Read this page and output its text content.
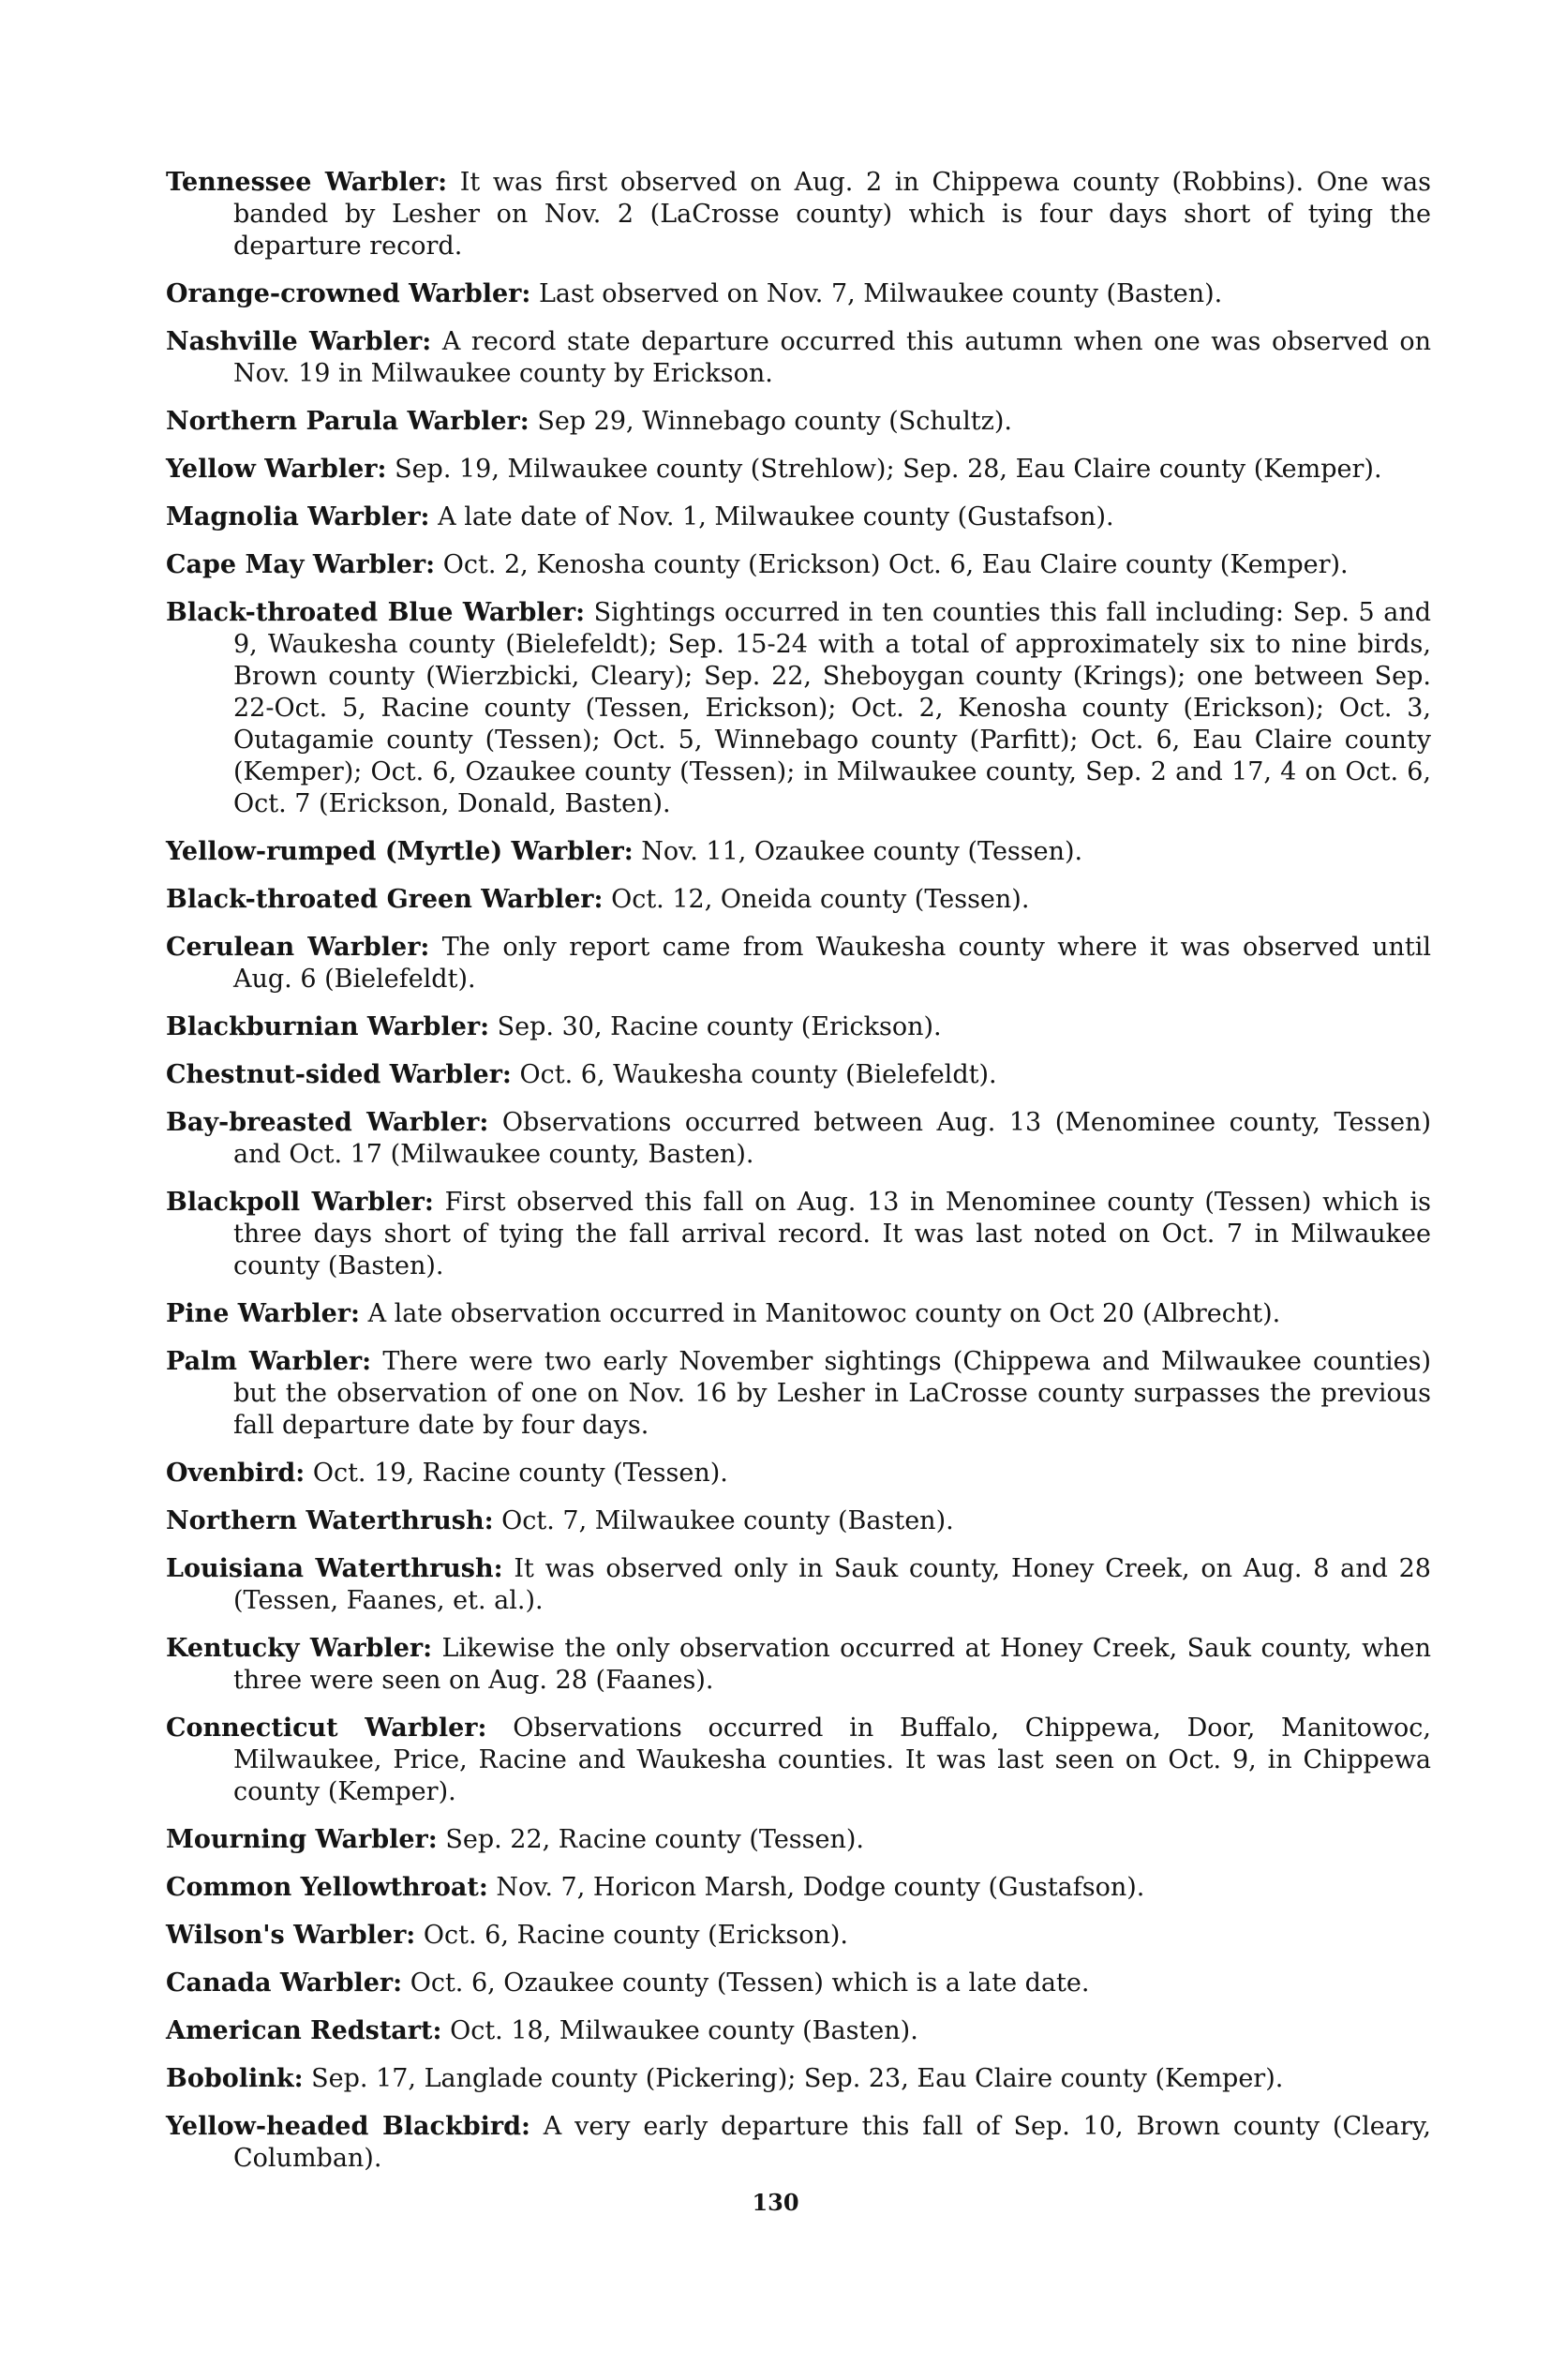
Tennessee Warbler: It was first observed on Aug. 2 in Chippewa county (Robbins). One was banded by Lesher on Nov. 2 (LaCrosse county) which is four days short of tying the departure record.

Orange-crowned Warbler: Last observed on Nov. 7, Milwaukee county (Basten).

Nashville Warbler: A record state departure occurred this autumn when one was observed on Nov. 19 in Milwaukee county by Erickson.

Northern Parula Warbler: Sep 29, Winnebago county (Schultz).

Yellow Warbler: Sep. 19, Milwaukee county (Strehlow); Sep. 28, Eau Claire county (Kemper).

Magnolia Warbler: A late date of Nov. 1, Milwaukee county (Gustafson).

Cape May Warbler: Oct. 2, Kenosha county (Erickson) Oct. 6, Eau Claire county (Kemper).

Black-throated Blue Warbler: Sightings occurred in ten counties this fall including: Sep. 5 and 9, Waukesha county (Bielefeldt); Sep. 15-24 with a total of approximately six to nine birds, Brown county (Wierzbicki, Cleary); Sep. 22, Sheboygan county (Krings); one between Sep. 22-Oct. 5, Racine county (Tessen, Erickson); Oct. 2, Kenosha county (Erickson); Oct. 3, Outagamie county (Tessen); Oct. 5, Winnebago county (Parfitt); Oct. 6, Eau Claire county (Kemper); Oct. 6, Ozaukee county (Tessen); in Milwaukee county, Sep. 2 and 17, 4 on Oct. 6, Oct. 7 (Erickson, Donald, Basten).

Yellow-rumped (Myrtle) Warbler: Nov. 11, Ozaukee county (Tessen).

Black-throated Green Warbler: Oct. 12, Oneida county (Tessen).

Cerulean Warbler: The only report came from Waukesha county where it was observed until Aug. 6 (Bielefeldt).

Blackburnian Warbler: Sep. 30, Racine county (Erickson).

Chestnut-sided Warbler: Oct. 6, Waukesha county (Bielefeldt).

Bay-breasted Warbler: Observations occurred between Aug. 13 (Menominee county, Tessen) and Oct. 17 (Milwaukee county, Basten).

Blackpoll Warbler: First observed this fall on Aug. 13 in Menominee county (Tessen) which is three days short of tying the fall arrival record. It was last noted on Oct. 7 in Milwaukee county (Basten).

Pine Warbler: A late observation occurred in Manitowoc county on Oct 20 (Albrecht).

Palm Warbler: There were two early November sightings (Chippewa and Milwaukee counties) but the observation of one on Nov. 16 by Lesher in LaCrosse county surpasses the previous fall departure date by four days.

Ovenbird: Oct. 19, Racine county (Tessen).

Northern Waterthrush: Oct. 7, Milwaukee county (Basten).

Louisiana Waterthrush: It was observed only in Sauk county, Honey Creek, on Aug. 8 and 28 (Tessen, Faanes, et. al.).

Kentucky Warbler: Likewise the only observation occurred at Honey Creek, Sauk county, when three were seen on Aug. 28 (Faanes).

Connecticut Warbler: Observations occurred in Buffalo, Chippewa, Door, Manitowoc, Milwaukee, Price, Racine and Waukesha counties. It was last seen on Oct. 9, in Chippewa county (Kemper).

Mourning Warbler: Sep. 22, Racine county (Tessen).

Common Yellowthroat: Nov. 7, Horicon Marsh, Dodge county (Gustafson).

Wilson's Warbler: Oct. 6, Racine county (Erickson).

Canada Warbler: Oct. 6, Ozaukee county (Tessen) which is a late date.

American Redstart: Oct. 18, Milwaukee county (Basten).

Bobolink: Sep. 17, Langlade county (Pickering); Sep. 23, Eau Claire county (Kemper).

Yellow-headed Blackbird: A very early departure this fall of Sep. 10, Brown county (Cleary, Columban).

130
